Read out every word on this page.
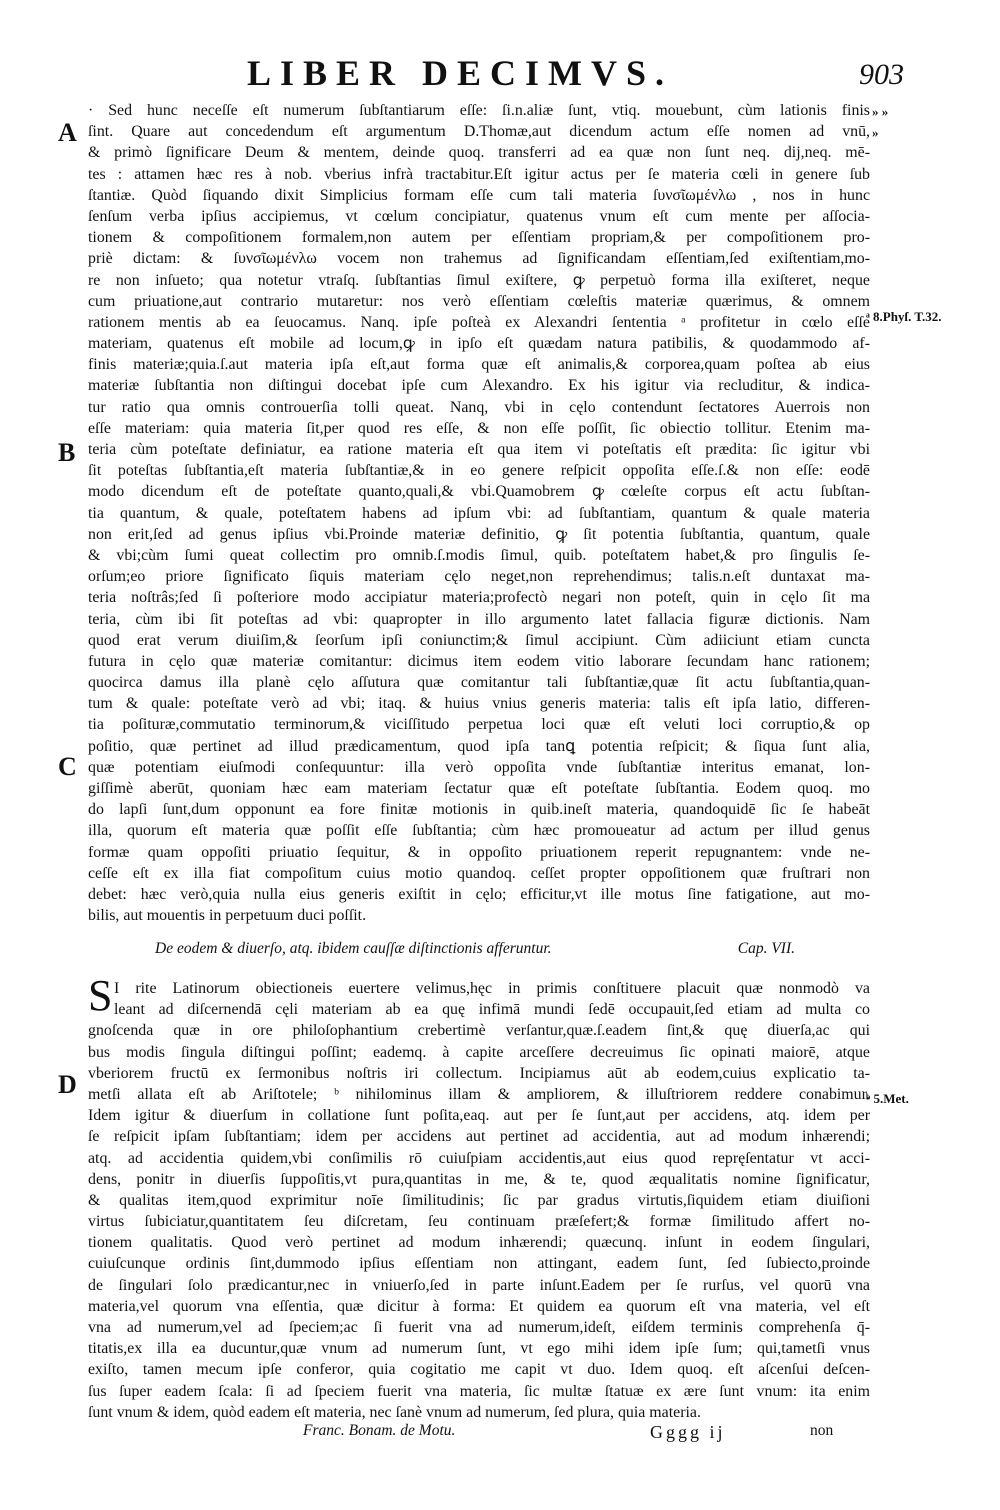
LIBER DECIMVS.	903
A
B
C
D
» »
»
ᵃ 8.Phyſ. T.32.
ᵇ 5.Met.
· Sed hunc neceſſe eſt numerum ſubſtantiarum eſſe: ſi.n.aliæ ſunt, vtiq. mouebunt, cùm lationis finis
ſint. Quare aut concedendum eſt argumentum D.Thomæ,aut dicendum actum eſſe nomen ad vnū,
& primò ſignificare Deum & mentem, deinde quoq. transferri ad ea quæ non ſunt neq. dij,neq. mē-
tes : attamen hæc res à nob. vberius infrà tractabitur.Eſt igitur actus per ſe materia cœli in genere ſub
ſtantiæ. Quòd ſiquando dixit Simplicius formam eſſe cum tali materia ſυνσῖωμένλω , nos in hunc
ſenſum verba ipſius accipiemus, vt cœlum concipiatur, quatenus vnum eſt cum mente per aſſocia-
tionem & compoſitionem formalem,non autem per eſſentiam propriam,& per compoſitionem pro-
priè dictam: & ſυνσῖωμένλω vocem non trahemus ad ſignificandam eſſentiam,ſed exiſtentiam,mo-
re non inſueto; qua notetur vtraſq. ſubſtantias ſimul exiſtere, ꝙ perpetuò forma illa exiſteret, neque
cum priuatione,aut contrario mutaretur: nos verò eſſentiam cœleſtis materiæ quærimus, & omnem
rationem mentis ab ea ſeuocamus. Nanq. ipſe poſteà ex Alexandri ſententia ᵃ profitetur in cœlo eſſe
materiam, quatenus eſt mobile ad locum,ꝙ in ipſo eſt quædam natura patibilis, & quodammodo af-
finis materiæ;quia.ſ.aut materia ipſa eſt,aut forma quæ eſt animalis,& corporea,quam poſtea ab eius
materiæ ſubſtantia non diſtingui docebat ipſe cum Alexandro. Ex his igitur via recluditur, & indica-
tur ratio qua omnis controuerſia tolli queat. Nanq, vbi in cęlo contendunt ſectatores Auerrois non
eſſe materiam: quia materia ſit,per quod res eſſe, & non eſſe poſſit, ſic obiectio tollitur. Etenim ma-
teria cùm poteſtate definiatur, ea ratione materia eſt qua item vi poteſtatis eſt prædita: ſic igitur vbi
ſit poteſtas ſubſtantia,eſt materia ſubſtantiæ,& in eo genere reſpicit oppoſita eſſe.ſ.& non eſſe: eodē
modo dicendum eſt de poteſtate quanto,quali,& vbi.Quamobrem ꝙ cœleſte corpus eſt actu ſubſtan-
tia quantum, & quale, poteſtatem habens ad ipſum vbi: ad ſubſtantiam, quantum & quale materia
non erit,ſed ad genus ipſius vbi.Proinde materiæ definitio, ꝙ ſit potentia ſubſtantia, quantum, quale
& vbi;cùm ſumi queat collectim pro omnib.ſ.modis ſimul, quib. poteſtatem habet,& pro ſingulis ſe-
orſum;eo priore ſignificato ſiquis materiam cęlo neget,non reprehendimus; talis.n.eſt duntaxat ma-
teria noſtrâs;ſed ſi poſteriore modo accipiatur materia;profectò negari non poteſt, quin in cęlo ſit ma
teria, cùm ibi ſit poteſtas ad vbi: quapropter in illo argumento latet fallacia figuræ dictionis. Nam
quod erat verum diuiſim,& ſeorſum ipſi coniunctim;& ſimul accipiunt. Cùm adiiciunt etiam cuncta
futura in cęlo quæ materiæ comitantur: dicimus item eodem vitio laborare ſecundam hanc rationem;
quocirca damus illa planè cęlo aſſutura quæ comitantur tali ſubſtantiæ,quæ ſit actu ſubſtantia,quan-
tum & quale: poteſtate verò ad vbi; itaq. & huius vnius generis materia: talis eſt ipſa latio, differen-
tia poſituræ,commutatio terminorum,& viciſſitudo perpetua loci quæ eſt veluti loci corruptio,& op
poſitio, quæ pertinet ad illud prædicamentum, quod ipſa tanꝗ potentia reſpicit; & ſiqua ſunt alia,
quæ potentiam eiuſmodi conſequuntur: illa verò oppoſita vnde ſubſtantiæ interitus emanat, lon-
giſſimè aberūt, quoniam hæc eam materiam ſectatur quæ eſt poteſtate ſubſtantia. Eodem quoq. mo
do lapſi ſunt,dum opponunt ea fore finitæ motionis in quib.ineſt materia, quandoquidē ſic ſe habeāt
illa, quorum eſt materia quæ poſſit eſſe ſubſtantia; cùm hæc promoueatur ad actum per illud genus
formæ quam oppoſiti priuatio ſequitur, & in oppoſito priuationem reperit repugnantem: vnde ne-
ceſſe eſt ex illa fiat compoſitum cuius motio quandoq. ceſſet propter oppoſitionem quæ fruſtrari non
debet: hæc verò,quia nulla eius generis exiſtit in cęlo; efficitur,vt ille motus ſine fatigatione, aut mo-
bilis, aut mouentis in perpetuum duci poſſit.
De eodem & diuerſo, atq. ibidem cauſſæ diſtinctionis afferuntur.	Cap. VII.
S I rite Latinorum obiectioneis euertere velimus,hęc in primis conſtituere placuit quæ nonmodò va
leant ad diſcernendā cęli materiam ab ea quę infimā mundi ſedē occupauit,ſed etiam ad multa co
gnoſcenda quæ in ore philoſophantium crebertimè verſantur,quæ.ſ.eadem ſint,& quę diuerſa,ac qui
bus modis ſingula diſtingui poſſint; eademq. à capite arceſſere decreuimus ſic opinati maiorē, atque
vberiorem fructū ex ſermonibus noſtris iri collectum. Incipiamus aūt ab eodem,cuius explicatio ta-
metſi allata eſt ab Ariſtotele; ᵇ nihilominus illam & ampliorem, & illuſtriorem reddere conabimur.
Idem igitur & diuerſum in collatione ſunt poſita,eaq. aut per ſe ſunt,aut per accidens, atq. idem per
ſe reſpicit ipſam ſubſtantiam; idem per accidens aut pertinet ad accidentia, aut ad modum inhærendi;
atq. ad accidentia quidem,vbi conſimilis rō cuiuſpiam accidentis,aut eius quod repręſentatur vt acci-
dens, ponitr in diuerſis ſuppoſitis,vt pura,quantitas in me, & te, quod æqualitatis nomine ſignificatur,
& qualitas item,quod exprimitur noīe ſimilitudinis; ſic par gradus virtutis,ſiquidem etiam diuiſioni
virtus ſubiciatur,quantitatem ſeu diſcretam, ſeu continuam præſefert;& formæ ſimilitudo affert no-
tionem qualitatis. Quod verò pertinet ad modum inhærendi; quæcunq. inſunt in eodem ſingulari,
cuiuſcunque ordinis ſint,dummodo ipſius eſſentiam non attingant, eadem ſunt, ſed ſubiecto,proinde
de ſingulari ſolo prædicantur,nec in vniuerſo,ſed in parte inſunt.Eadem per ſe rurſus, vel quorū vna
materia,vel quorum vna eſſentia, quæ dicitur à forma: Et quidem ea quorum eſt vna materia, vel eſt
vna ad numerum,vel ad ſpeciem;ac ſi fuerit vna ad numerum,ideſt, eiſdem terminis comprehenſa q̄-
titatis,ex illa ea ducuntur,quæ vnum ad numerum ſunt, vt ego mihi idem ipſe ſum; qui,tametſi vnus
exiſto, tamen mecum ipſe conferor, quia cogitatio me capit vt duo. Idem quoq. eſt aſcenſui deſcen-
ſus ſuper eadem ſcala: ſi ad ſpeciem fuerit vna materia, ſic multæ ſtatuæ ex ære ſunt vnum: ita enim
ſunt vnum & idem, quòd eadem eſt materia, nec ſanè vnum ad numerum, ſed plura, quia materia.
Franc. Bonam. de Motu.	Gggg ij	non
